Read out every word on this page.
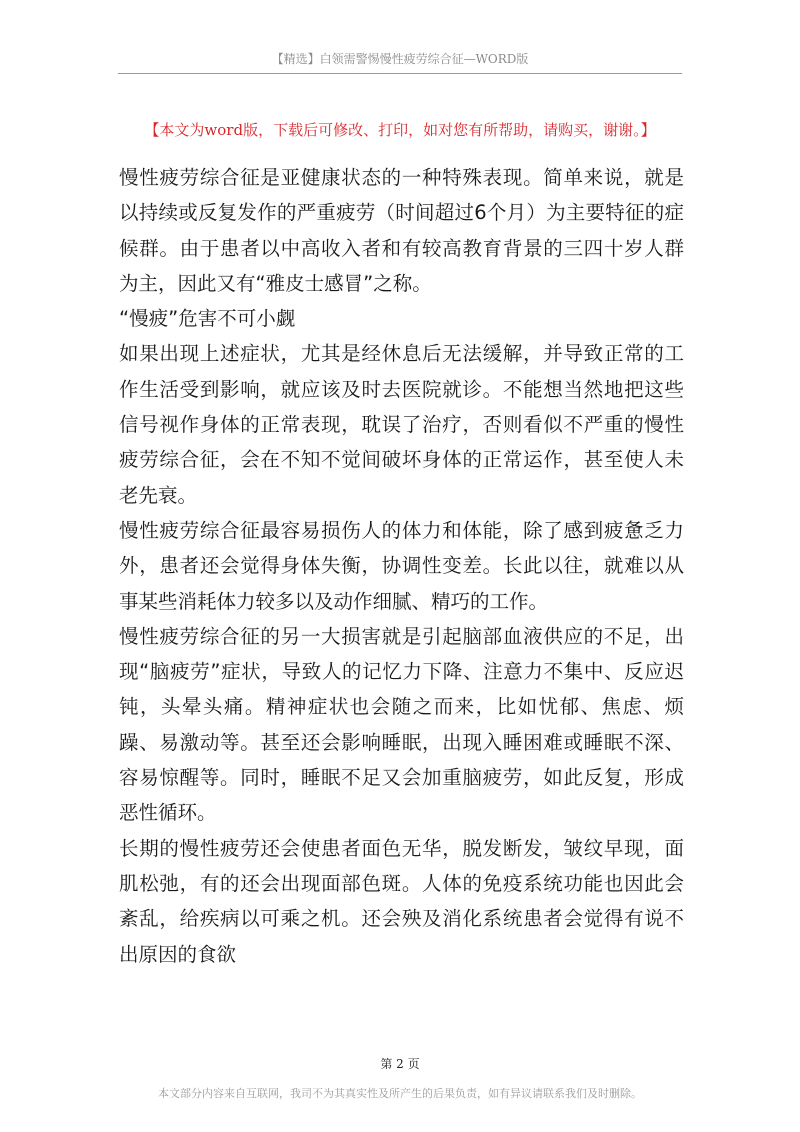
【精选】白领需警惕慢性疲劳综合征—WORD版
【本文为word版，下载后可修改、打印，如对您有所帮助，请购买，谢谢。】

慢性疲劳综合征是亚健康状态的一种特殊表现。简单来说，就是以持续或反复发作的严重疲劳（时间超过6个月）为主要特征的症候群。由于患者以中高收入者和有较高教育背景的三四十岁人群为主，因此又有“雅皮士感冒”之称。

“慢疲”危害不可小觑

如果出现上述症状，尤其是经休息后无法缓解，并导致正常的工作生活受到影响，就应该及时去医院就诊。不能想当然地把这些信号视作身体的正常表现，耽误了治疗，否则看似不严重的慢性疲劳综合征，会在不知不觉间破坏身体的正常运作，甚至使人未老先衰。

慢性疲劳综合征最容易损伤人的体力和体能，除了感到疲惫乏力外，患者还会觉得身体失衡，协调性变差。长此以往，就难以从事某些消耗体力较多以及动作细腻、精巧的工作。

慢性疲劳综合征的另一大损害就是引起脑部血液供应的不足，出现“脑疲劳”症状，导致人的记忆力下降、注意力不集中、反应迟钝，头晕头痛。精神症状也会随之而来，比如忧郁、焦虑、烦躁、易激动等。甚至还会影响睡眠，出现入睡困难或睡眠不深、容易惊醒等。同时，睡眠不足又会加重脑疲劳，如此反复，形成恶性循环。

长期的慢性疲劳还会使患者面色无华，脱发断发，皱纹早现，面肌松弛，有的还会出现面部色斑。人体的免疫系统功能也因此会紊乱，给疾病以可乘之机。还会殃及消化系统患者会觉得有说不出原因的食欲

第 2 页
本文部分内容来自互联网，我司不为其真实性及所产生的后果负责，如有异议请联系我们及时删除。
